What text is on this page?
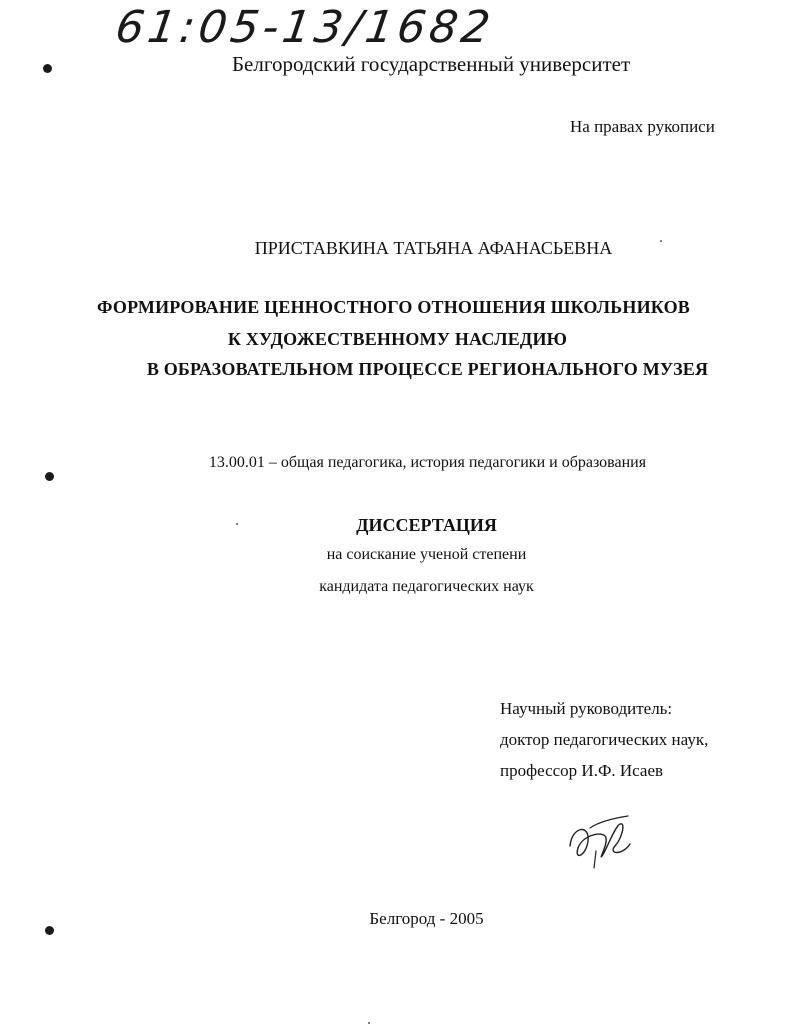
61:05-13/1682
Белгородский государственный университет
На правах рукописи
ПРИСТАВКИНА ТАТЬЯНА АФАНАСЬЕВНА
ФОРМИРОВАНИЕ ЦЕННОСТНОГО ОТНОШЕНИЯ ШКОЛЬНИКОВ
К ХУДОЖЕСТВЕННОМУ НАСЛЕДИЮ
В ОБРАЗОВАТЕЛЬНОМ ПРОЦЕССЕ РЕГИОНАЛЬНОГО МУЗЕЯ
13.00.01 – общая педагогика, история педагогики и образования
ДИССЕРТАЦИЯ
на соискание ученой степени
кандидата педагогических наук
Научный руководитель:
доктор педагогических наук,
профессор И.Ф. Исаев
Белгород - 2005
